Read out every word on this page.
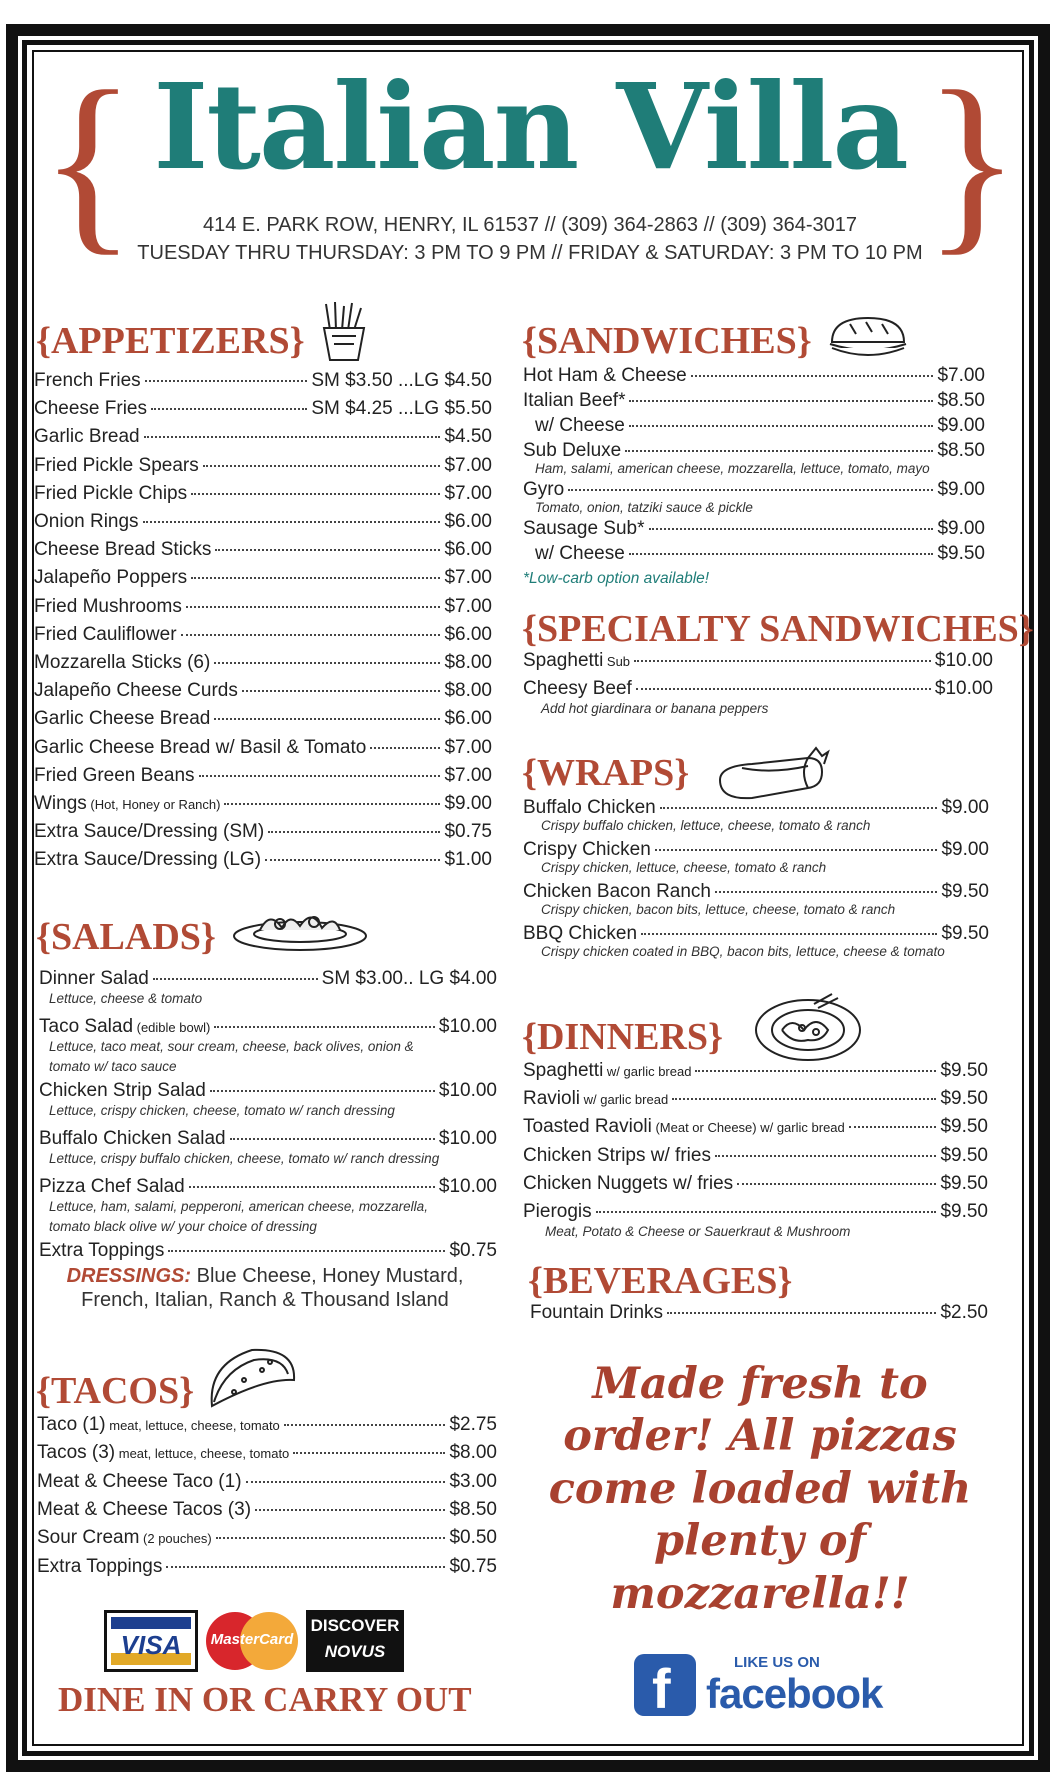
{ Italian Villa }
414 E. PARK ROW, HENRY, IL 61537 // (309) 364-2863 // (309) 364-3017
TUESDAY THRU THURSDAY: 3 PM TO 9 PM // FRIDAY & SATURDAY: 3 PM TO 10 PM
{APPETIZERS}
French Fries	SM $3.50 ...LG $4.50
Cheese Fries	SM $4.25 ...LG $5.50
Garlic Bread	$4.50
Fried Pickle Spears	$7.00
Fried Pickle Chips	$7.00
Onion Rings	$6.00
Cheese Bread Sticks	$6.00
Jalapeño Poppers	$7.00
Fried Mushrooms	$7.00
Fried Cauliflower	$6.00
Mozzarella Sticks (6)	$8.00
Jalapeño Cheese Curds	$8.00
Garlic Cheese Bread	$6.00
Garlic Cheese Bread w/ Basil & Tomato	$7.00
Fried Green Beans	$7.00
Wings (Hot, Honey or Ranch)	$9.00
Extra Sauce/Dressing (SM)	$0.75
Extra Sauce/Dressing (LG)	$1.00
{SALADS}
Dinner Salad	SM $3.00.. LG $4.00
Lettuce, cheese & tomato
Taco Salad (edible bowl)	$10.00
Lettuce, taco meat, sour cream, cheese, back olives, onion &
tomato w/ taco sauce
Chicken Strip Salad	$10.00
Lettuce, crispy chicken, cheese, tomato w/ ranch dressing
Buffalo Chicken Salad	$10.00
Lettuce, crispy buffalo chicken, cheese, tomato w/ ranch dressing
Pizza Chef Salad	$10.00
Lettuce, ham, salami, pepperoni, american cheese, mozzarella,
tomato black olive w/ your choice of dressing
Extra Toppings	$0.75
DRESSINGS: Blue Cheese, Honey Mustard,
French, Italian, Ranch & Thousand Island
{TACOS}
Taco (1) meat, lettuce, cheese, tomato	$2.75
Tacos (3) meat, lettuce, cheese, tomato	$8.00
Meat & Cheese Taco (1)	$3.00
Meat & Cheese Tacos (3)	$8.50
Sour Cream (2 pouches)	$0.50
Extra Toppings	$0.75
VISA	MasterCard
DISCOVER
NOVUS
DINE IN OR CARRY OUT
{SANDWICHES}
Hot Ham & Cheese	$7.00
Italian Beef*	$8.50
w/ Cheese	$9.00
Sub Deluxe	$8.50
Ham, salami, american cheese, mozzarella, lettuce, tomato, mayo
Gyro	$9.00
Tomato, onion, tatziki sauce & pickle
Sausage Sub*	$9.00
w/ Cheese	$9.50
*Low-carb option available!
{SPECIALTY SANDWICHES}
Spaghetti Sub	$10.00
Cheesy Beef	$10.00
Add hot giardinara or banana peppers
{WRAPS}
Buffalo Chicken	$9.00
Crispy buffalo chicken, lettuce, cheese, tomato & ranch
Crispy Chicken	$9.00
Crispy chicken, lettuce, cheese, tomato & ranch
Chicken Bacon Ranch	$9.50
Crispy chicken, bacon bits, lettuce, cheese, tomato & ranch
BBQ Chicken	$9.50
Crispy chicken coated in BBQ, bacon bits, lettuce, cheese & tomato
{DINNERS}
Spaghetti w/ garlic bread	$9.50
Ravioli w/ garlic bread	$9.50
Toasted Ravioli (Meat or Cheese) w/ garlic bread	$9.50
Chicken Strips w/ fries	$9.50
Chicken Nuggets w/ fries	$9.50
Pierogis	$9.50
Meat, Potato & Cheese or Sauerkraut & Mushroom
{BEVERAGES}
Fountain Drinks	$2.50
Made fresh to
order! All pizzas
come loaded with
plenty of
mozzarella!!
f	LIKE US ON
facebook
